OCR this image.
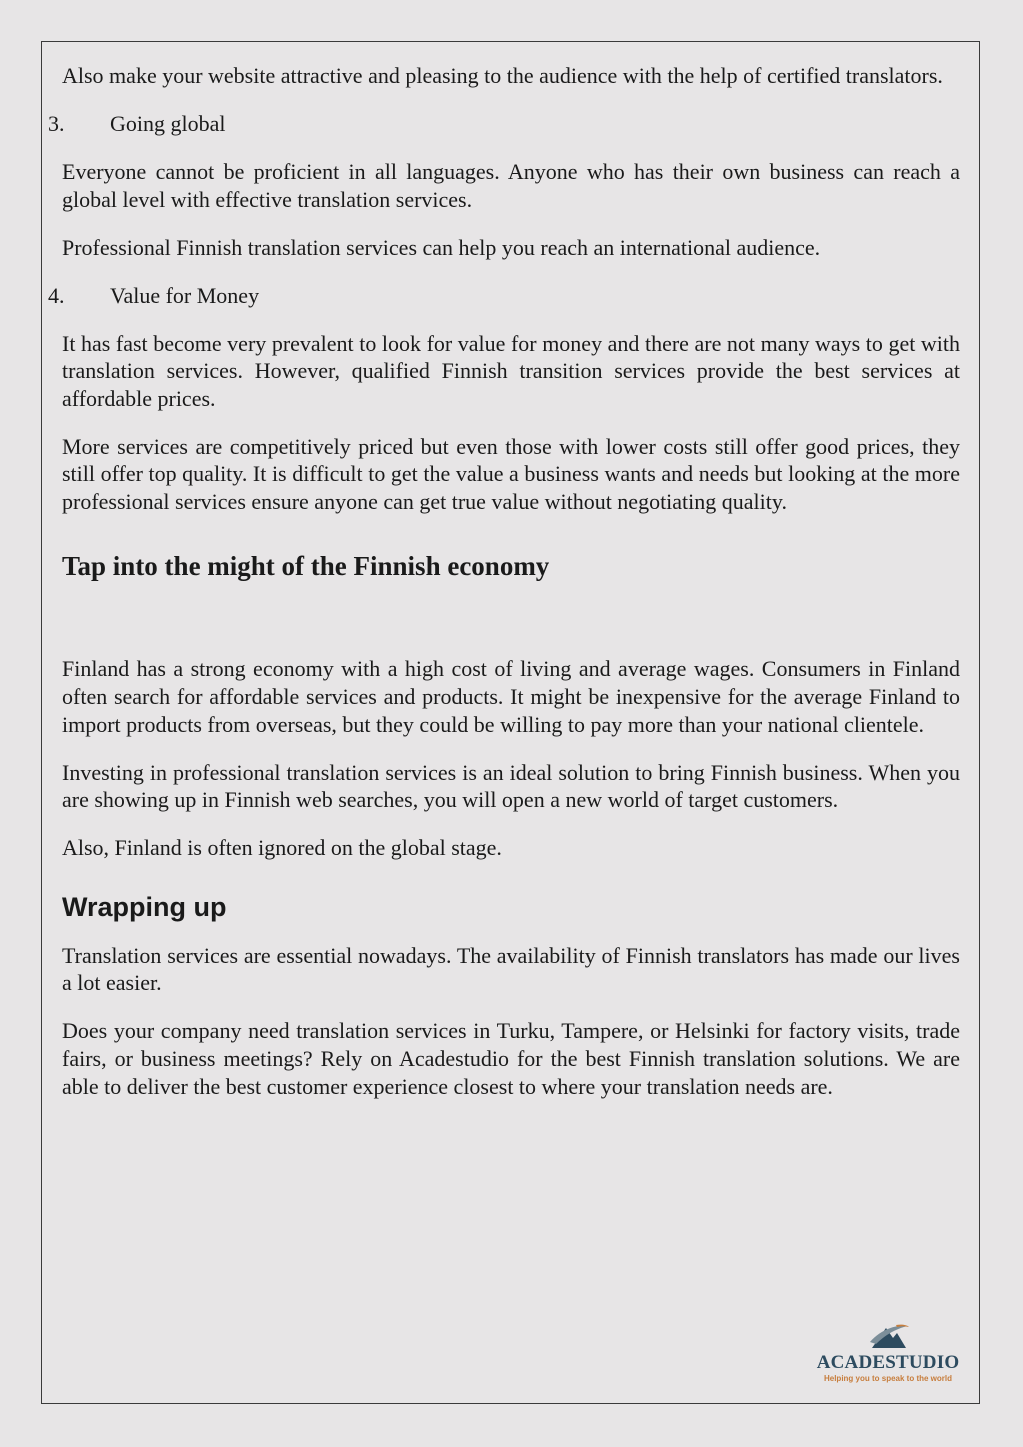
Also make your website attractive and pleasing to the audience with the help of certified translators.

3.	Going global

Everyone cannot be proficient in all languages. Anyone who has their own business can reach a global level with effective translation services.

Professional Finnish translation services can help you reach an international audience.

4.	Value for Money

It has fast become very prevalent to look for value for money and there are not many ways to get with translation services. However, qualified Finnish transition services provide the best services at affordable prices.

More services are competitively priced but even those with lower costs still offer good prices, they still offer top quality. It is difficult to get the value a business wants and needs but looking at the more professional services ensure anyone can get true value without negotiating quality.

Tap into the might of the Finnish economy

Finland has a strong economy with a high cost of living and average wages. Consumers in Finland often search for affordable services and products. It might be inexpensive for the average Finland to import products from overseas, but they could be willing to pay more than your national clientele.

Investing in professional translation services is an ideal solution to bring Finnish business. When you are showing up in Finnish web searches, you will open a new world of target customers.

Also, Finland is often ignored on the global stage.

Wrapping up

Translation services are essential nowadays. The availability of Finnish translators has made our lives a lot easier.

Does your company need translation services in Turku, Tampere, or Helsinki for factory visits, trade fairs, or business meetings? Rely on Acadestudio for the best Finnish translation solutions. We are able to deliver the best customer experience closest to where your translation needs are.

ACADESTUDIO
Helping you to speak to the world
